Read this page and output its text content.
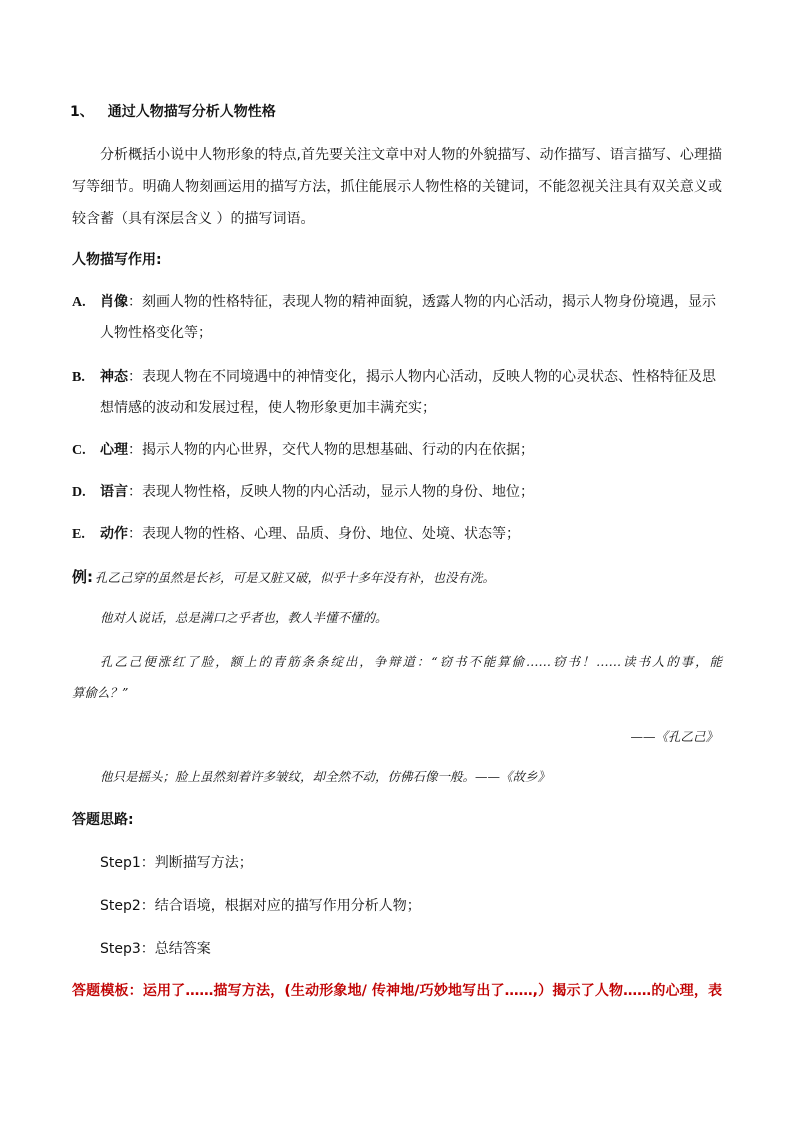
1、 通过人物描写分析人物性格
分析概括小说中人物形象的特点,首先要关注文章中对人物的外貌描写、动作描写、语言描写、心理描
写等细节。明确人物刻画运用的描写方法，抓住能展示人物性格的关键词，不能忽视关注具有双关意义或
较含蓄（具有深层含义 ）的描写词语。
人物描写作用:
A. 肖像：刻画人物的性格特征，表现人物的精神面貌，透露人物的内心活动，揭示人物身份境遇，显示
人物性格变化等；
B. 神态：表现人物在不同境遇中的神情变化，揭示人物内心活动，反映人物的心灵状态、性格特征及思
想情感的波动和发展过程，使人物形象更加丰满充实；
C. 心理：揭示人物的内心世界，交代人物的思想基础、行动的内在依据；
D. 语言：表现人物性格，反映人物的内心活动，显示人物的身份、地位；
E. 动作：表现人物的性格、心理、品质、身份、地位、处境、状态等；
例: 孔乙己穿的虽然是长衫，可是又脏又破，似乎十多年没有补，也没有洗。
他对人说话，总是满口之乎者也，教人半懂不懂的。
孔乙己便涨红了脸，额上的青筋条条绽出，争辩道：“窃书不能算偷……窃书！……读书人的事，能
算偷么？”
——《孔乙己》
他只是摇头；脸上虽然刻着许多皱纹，却全然不动，仿佛石像一般。——《故乡》
答题思路:
Step1：判断描写方法；
Step2：结合语境，根据对应的描写作用分析人物；
Step3：总结答案
答题模板：运用了……描写方法，(生动形象地/ 传神地/巧妙地写出了……,）揭示了人物……的心理，表
